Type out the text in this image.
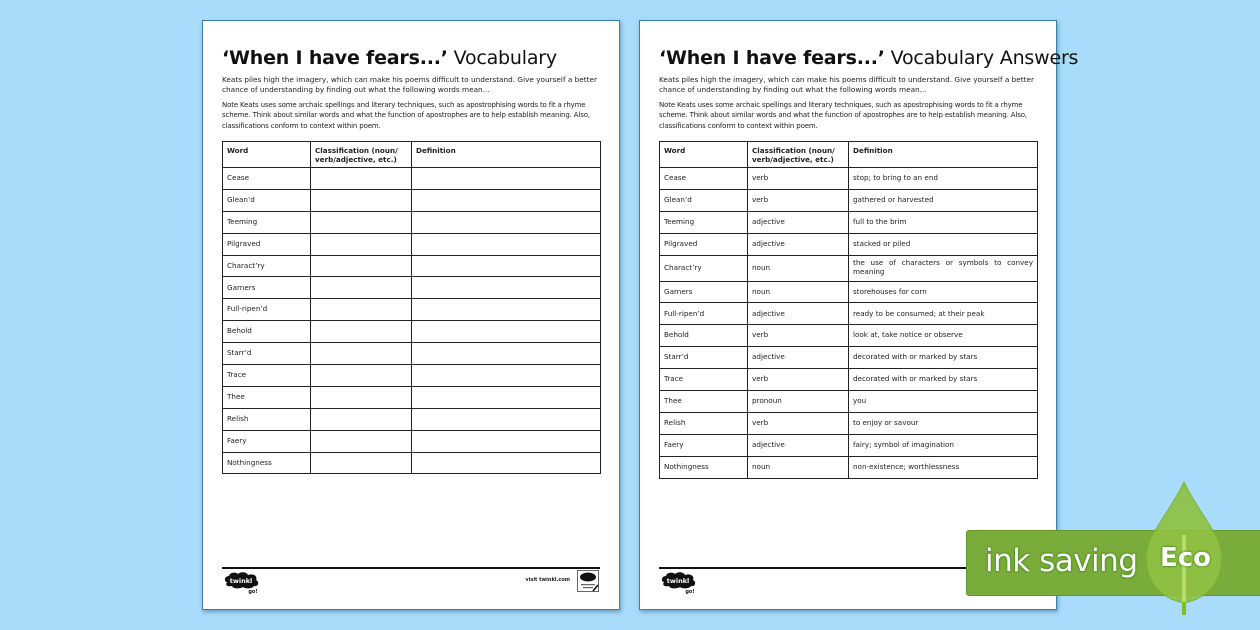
‘When I have fears...’ Vocabulary

Keats piles high the imagery, which can make his poems difficult to understand. Give yourself a better chance of understanding by finding out what the following words mean...

Note Keats uses some archaic spellings and literary techniques, such as apostrophising words to fit a rhyme scheme. Think about similar words and what the function of apostrophes are to help establish meaning. Also, classifications conform to context within poem.

Word	Classification (noun/ verb/adjective, etc.)	Definition
Cease		
Glean’d		
Teeming		
Pilgraved		
Charact’ry		
Garners		
Full-ripen’d		
Behold		
Starr’d		
Trace		
Thee		
Relish		
Faery		
Nothingness		
twinkl
go!
visit twinkl.com
‘When I have fears...’ Vocabulary Answers

Keats piles high the imagery, which can make his poems difficult to understand. Give yourself a better chance of understanding by finding out what the following words mean...

Note Keats uses some archaic spellings and literary techniques, such as apostrophising words to fit a rhyme scheme. Think about similar words and what the function of apostrophes are to help establish meaning. Also, classifications conform to context within poem.

Word	Classification (noun/ verb/adjective, etc.)	Definition
Cease	verb	stop; to bring to an end
Glean’d	verb	gathered or harvested
Teeming	adjective	full to the brim
Pilgraved	adjective	stacked or piled
Charact’ry	noun	the use of characters or symbols to convey meaning
Garners	noun	storehouses for corn
Full-ripen’d	adjective	ready to be consumed; at their peak
Behold	verb	look at, take notice or observe
Starr’d	adjective	decorated with or marked by stars
Trace	verb	decorated with or marked by stars
Thee	pronoun	you
Relish	verb	to enjoy or savour
Faery	adjective	fairy; symbol of imagination
Nothingness	noun	non-existence; worthlessness
twinkl
go!
ink saving Eco
